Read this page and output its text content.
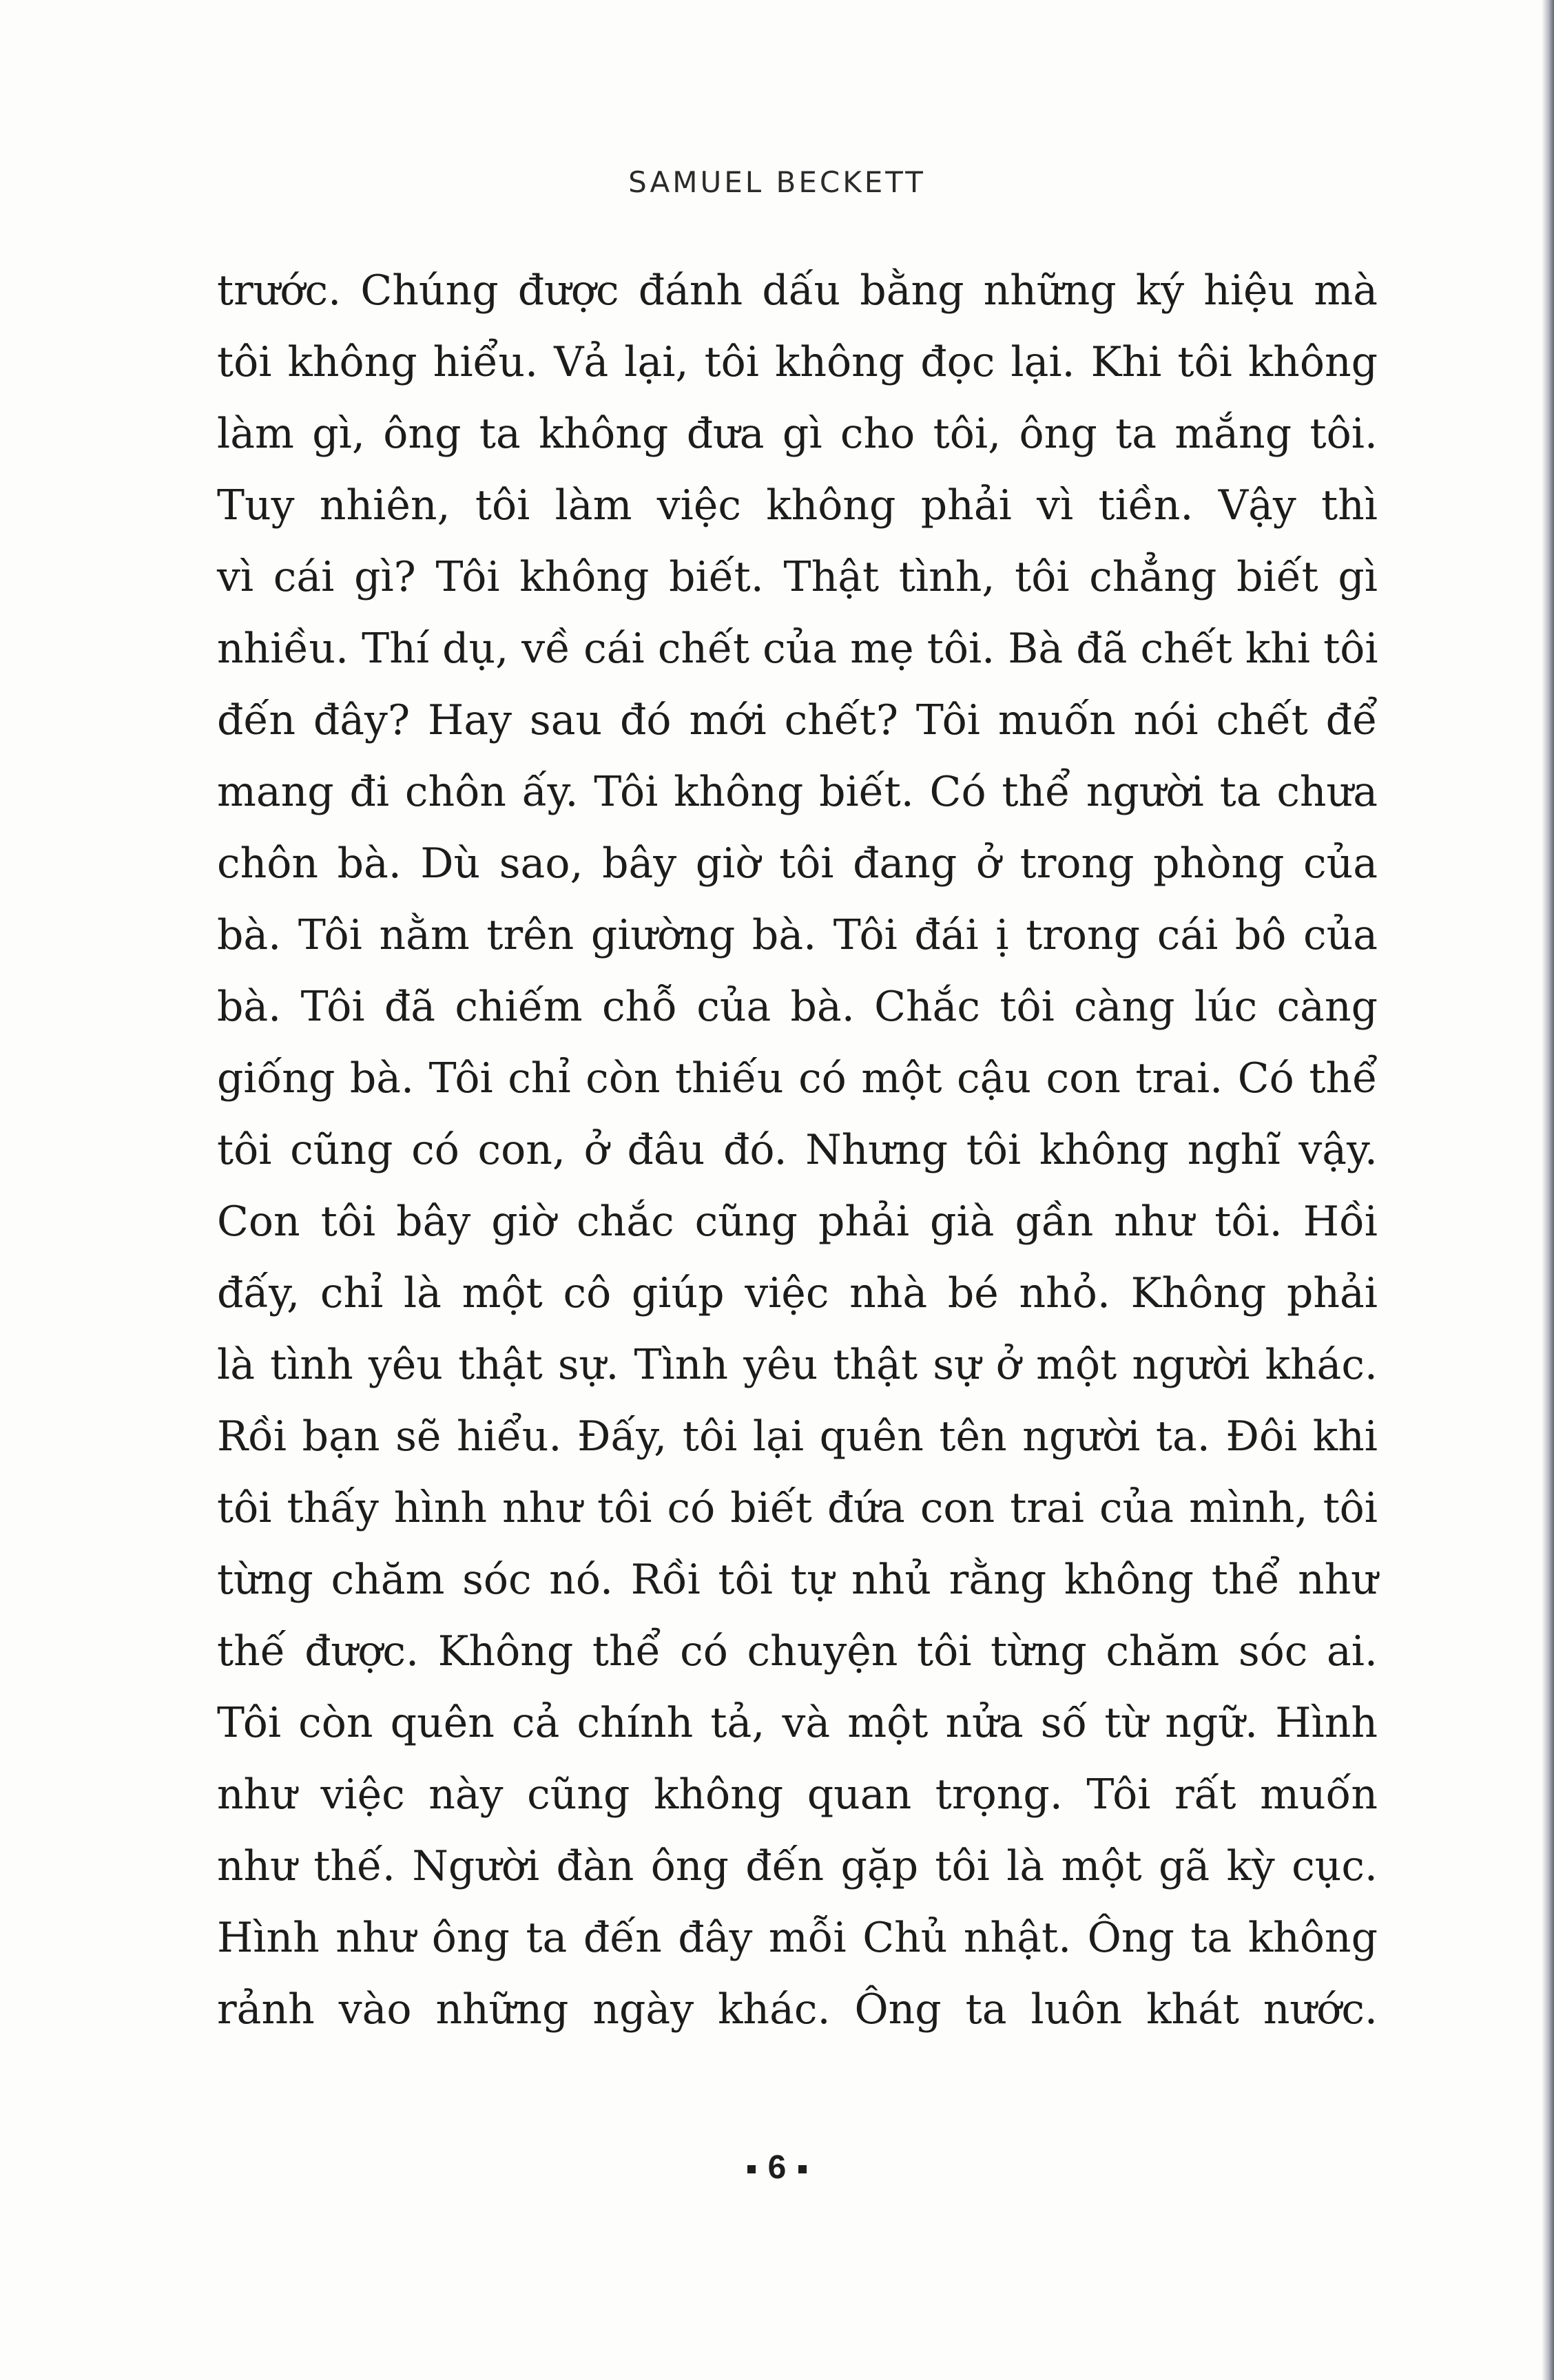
SAMUEL BECKETT
trước. Chúng được đánh dấu bằng những ký hiệu mà
tôi không hiểu. Vả lại, tôi không đọc lại. Khi tôi không
làm gì, ông ta không đưa gì cho tôi, ông ta mắng tôi.
Tuy nhiên, tôi làm việc không phải vì tiền. Vậy thì
vì cái gì? Tôi không biết. Thật tình, tôi chẳng biết gì
nhiều. Thí dụ, về cái chết của mẹ tôi. Bà đã chết khi tôi
đến đây? Hay sau đó mới chết? Tôi muốn nói chết để
mang đi chôn ấy. Tôi không biết. Có thể người ta chưa
chôn bà. Dù sao, bây giờ tôi đang ở trong phòng của
bà. Tôi nằm trên giường bà. Tôi đái ị trong cái bô của
bà. Tôi đã chiếm chỗ của bà. Chắc tôi càng lúc càng
giống bà. Tôi chỉ còn thiếu có một cậu con trai. Có thể
tôi cũng có con, ở đâu đó. Nhưng tôi không nghĩ vậy.
Con tôi bây giờ chắc cũng phải già gần như tôi. Hồi
đấy, chỉ là một cô giúp việc nhà bé nhỏ. Không phải
là tình yêu thật sự. Tình yêu thật sự ở một người khác.
Rồi bạn sẽ hiểu. Đấy, tôi lại quên tên người ta. Đôi khi
tôi thấy hình như tôi có biết đứa con trai của mình, tôi
từng chăm sóc nó. Rồi tôi tự nhủ rằng không thể như
thế được. Không thể có chuyện tôi từng chăm sóc ai.
Tôi còn quên cả chính tả, và một nửa số từ ngữ. Hình
như việc này cũng không quan trọng. Tôi rất muốn
như thế. Người đàn ông đến gặp tôi là một gã kỳ cục.
Hình như ông ta đến đây mỗi Chủ nhật. Ông ta không
rảnh vào những ngày khác. Ông ta luôn khát nước.
6
